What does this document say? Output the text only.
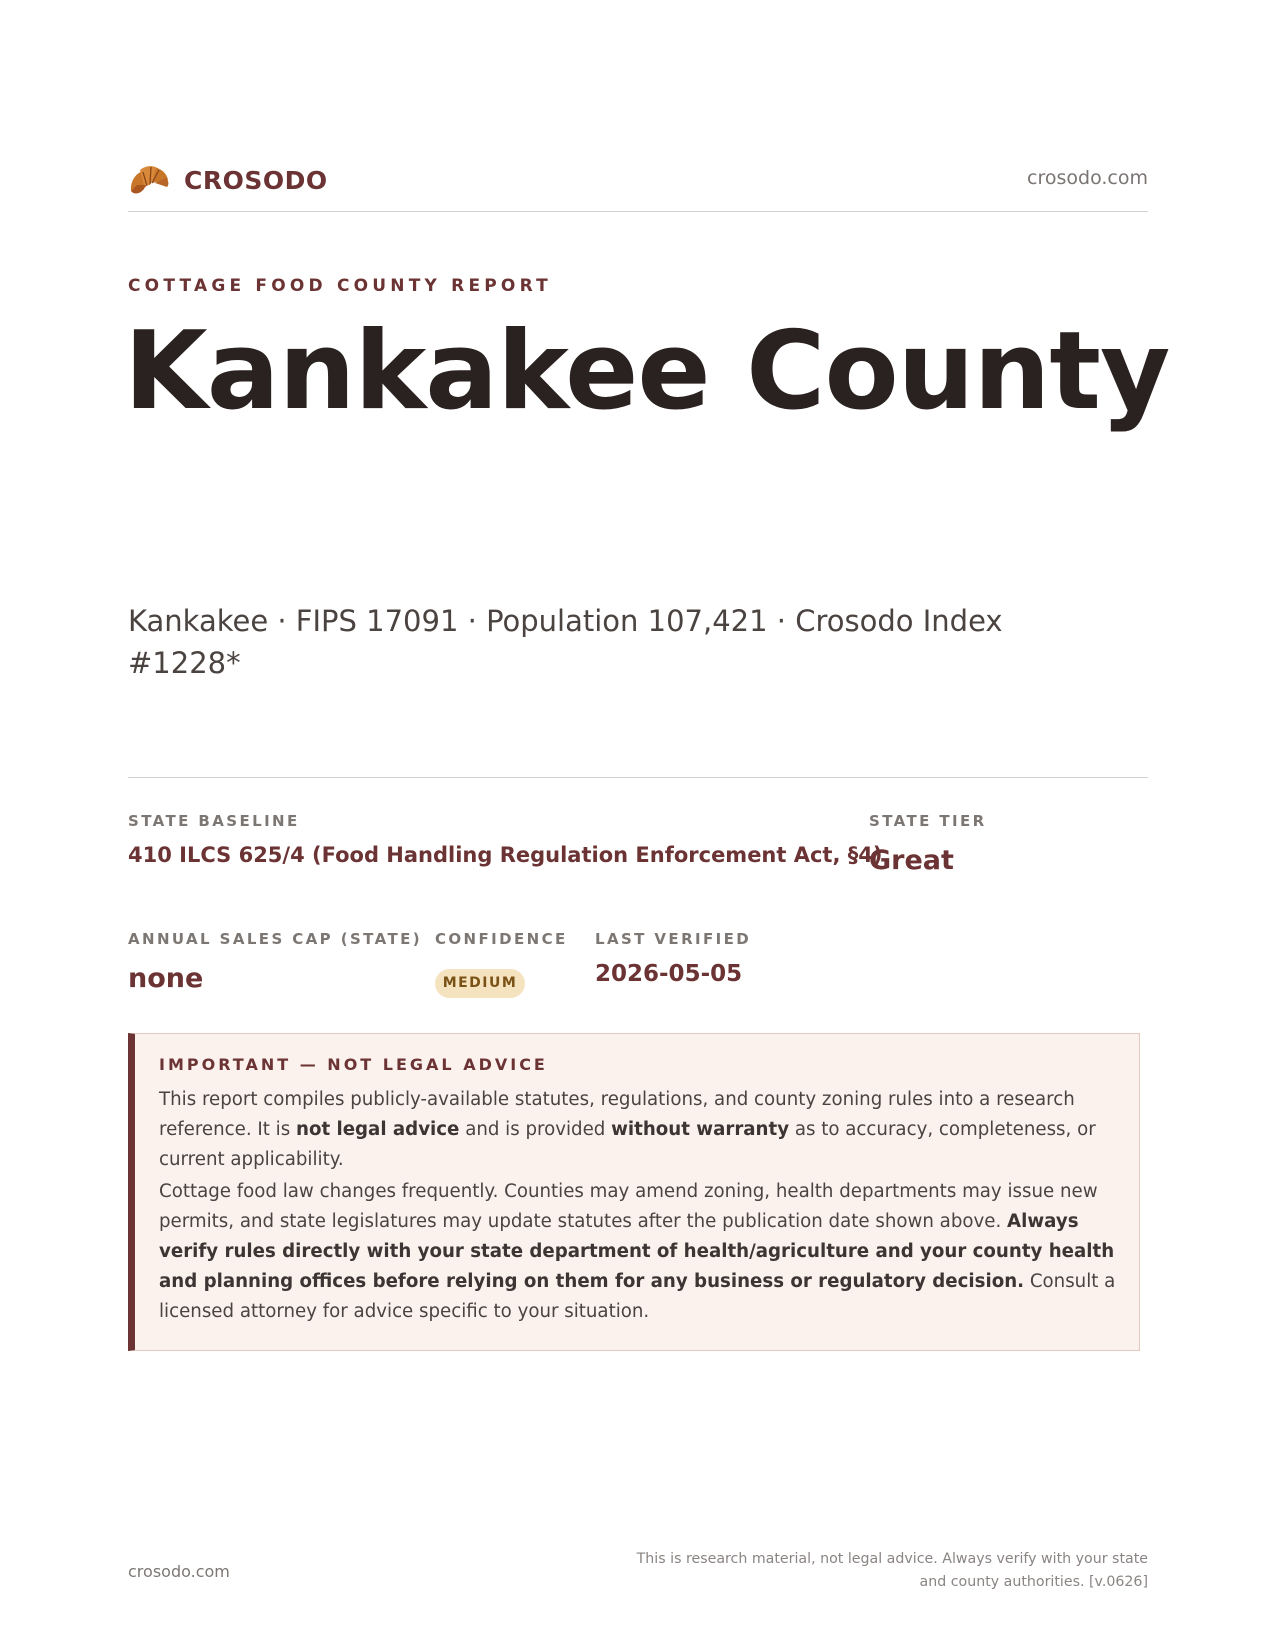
CROSODO	crosodo.com
COTTAGE FOOD COUNTY REPORT
Kankakee County
Kankakee · FIPS 17091 · Population 107,421 · Crosodo Index #1228*
STATE BASELINE
410 ILCS 625/4 (Food Handling Regulation Enforcement Act, §4)
STATE TIER
Great
ANNUAL SALES CAP (STATE)
none
CONFIDENCE
MEDIUM
LAST VERIFIED
2026-05-05
IMPORTANT — NOT LEGAL ADVICE

This report compiles publicly-available statutes, regulations, and county zoning rules into a research reference. It is not legal advice and is provided without warranty as to accuracy, completeness, or current applicability.

Cottage food law changes frequently. Counties may amend zoning, health departments may issue new permits, and state legislatures may update statutes after the publication date shown above. Always verify rules directly with your state department of health/agriculture and your county health and planning offices before relying on them for any business or regulatory decision. Consult a licensed attorney for advice specific to your situation.

crosodo.com
This is research material, not legal advice. Always verify with your state and county authorities. [v.0626]
